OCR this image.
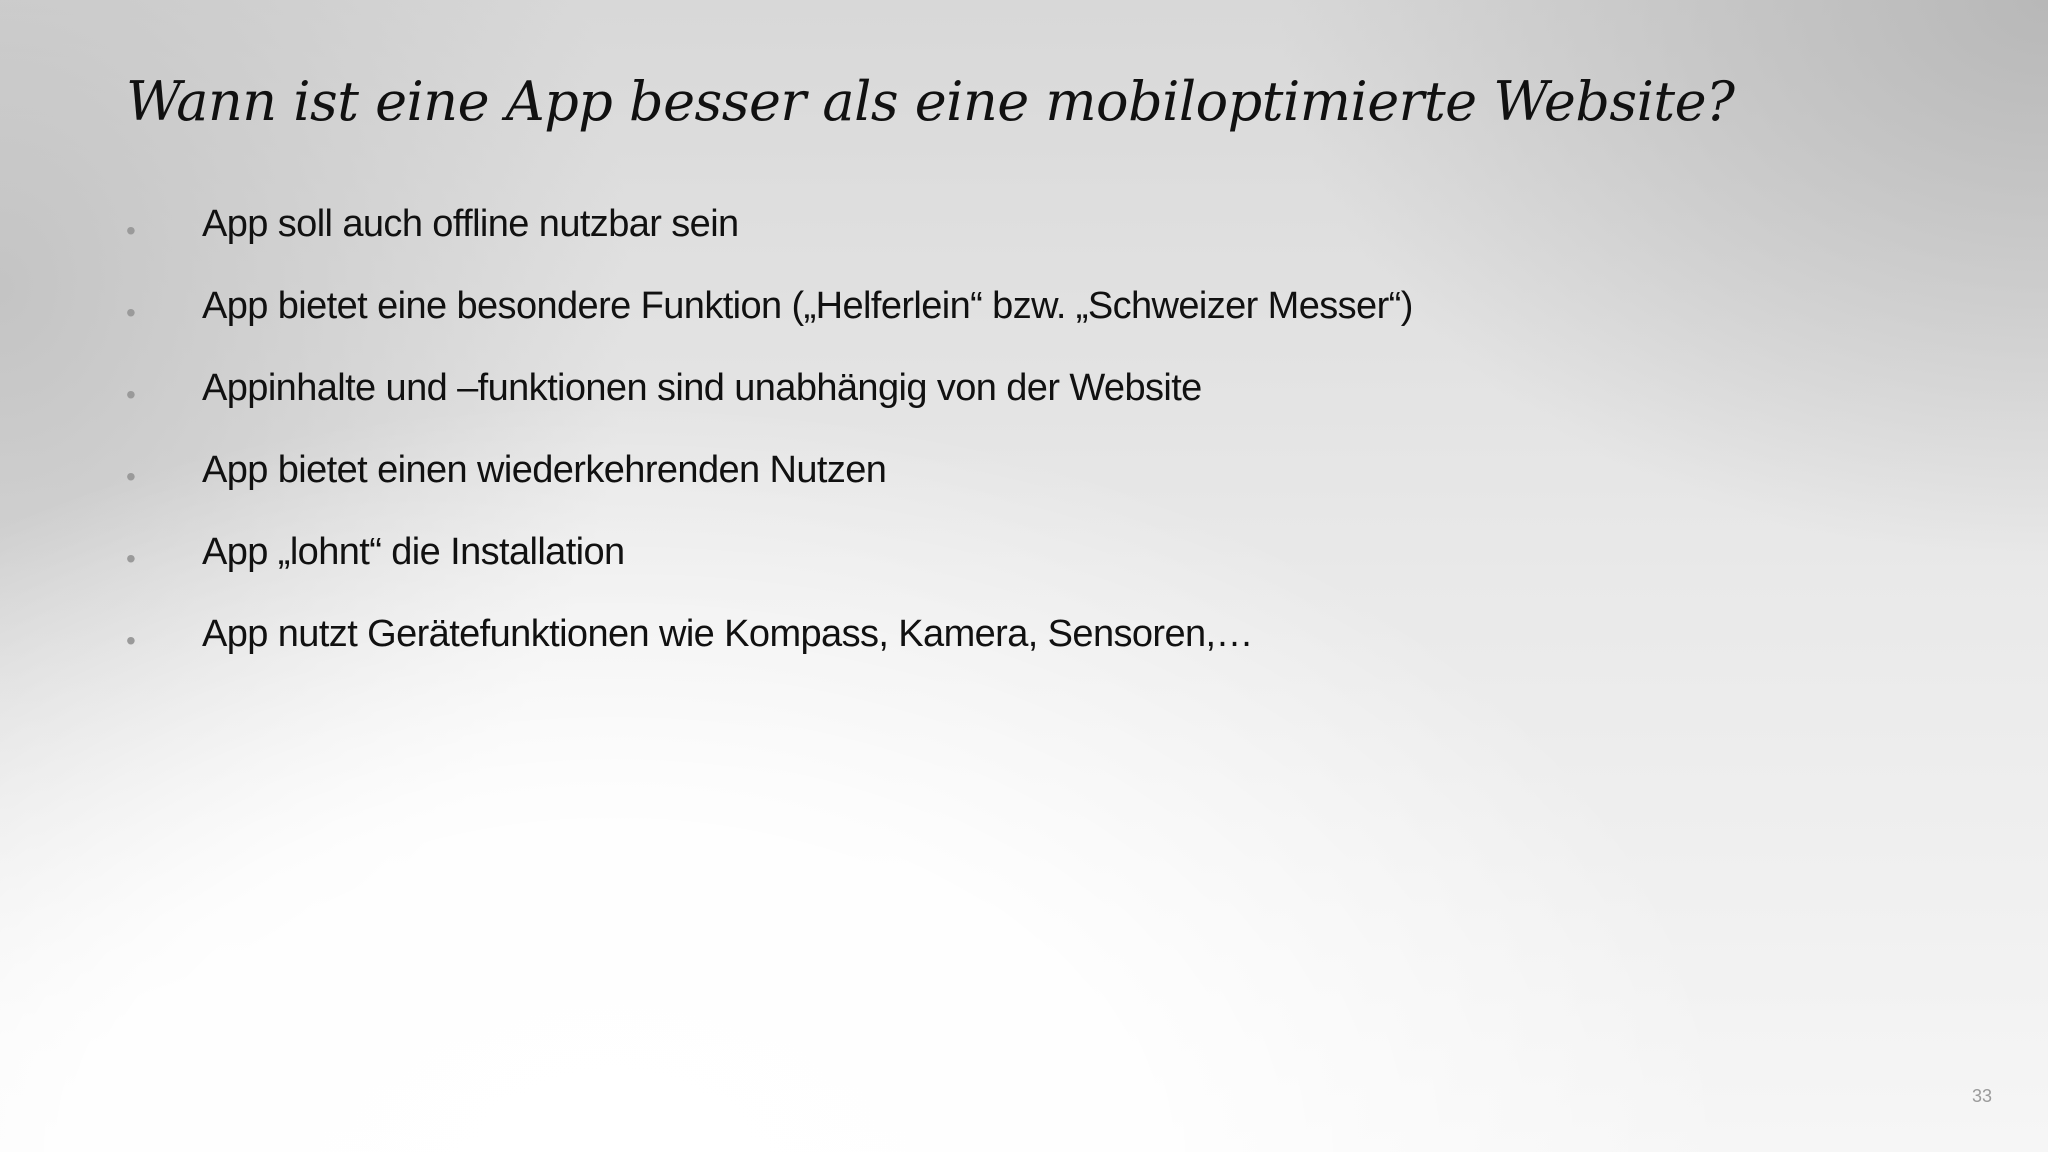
Wann ist eine App besser als eine mobiloptimierte Website?
• App soll auch offline nutzbar sein
• App bietet eine besondere Funktion („Helferlein“ bzw. „Schweizer Messer“)
• Appinhalte und –funktionen sind unabhängig von der Website
• App bietet einen wiederkehrenden Nutzen
• App „lohnt“ die Installation
• App nutzt Gerätefunktionen wie Kompass, Kamera, Sensoren,…
33
